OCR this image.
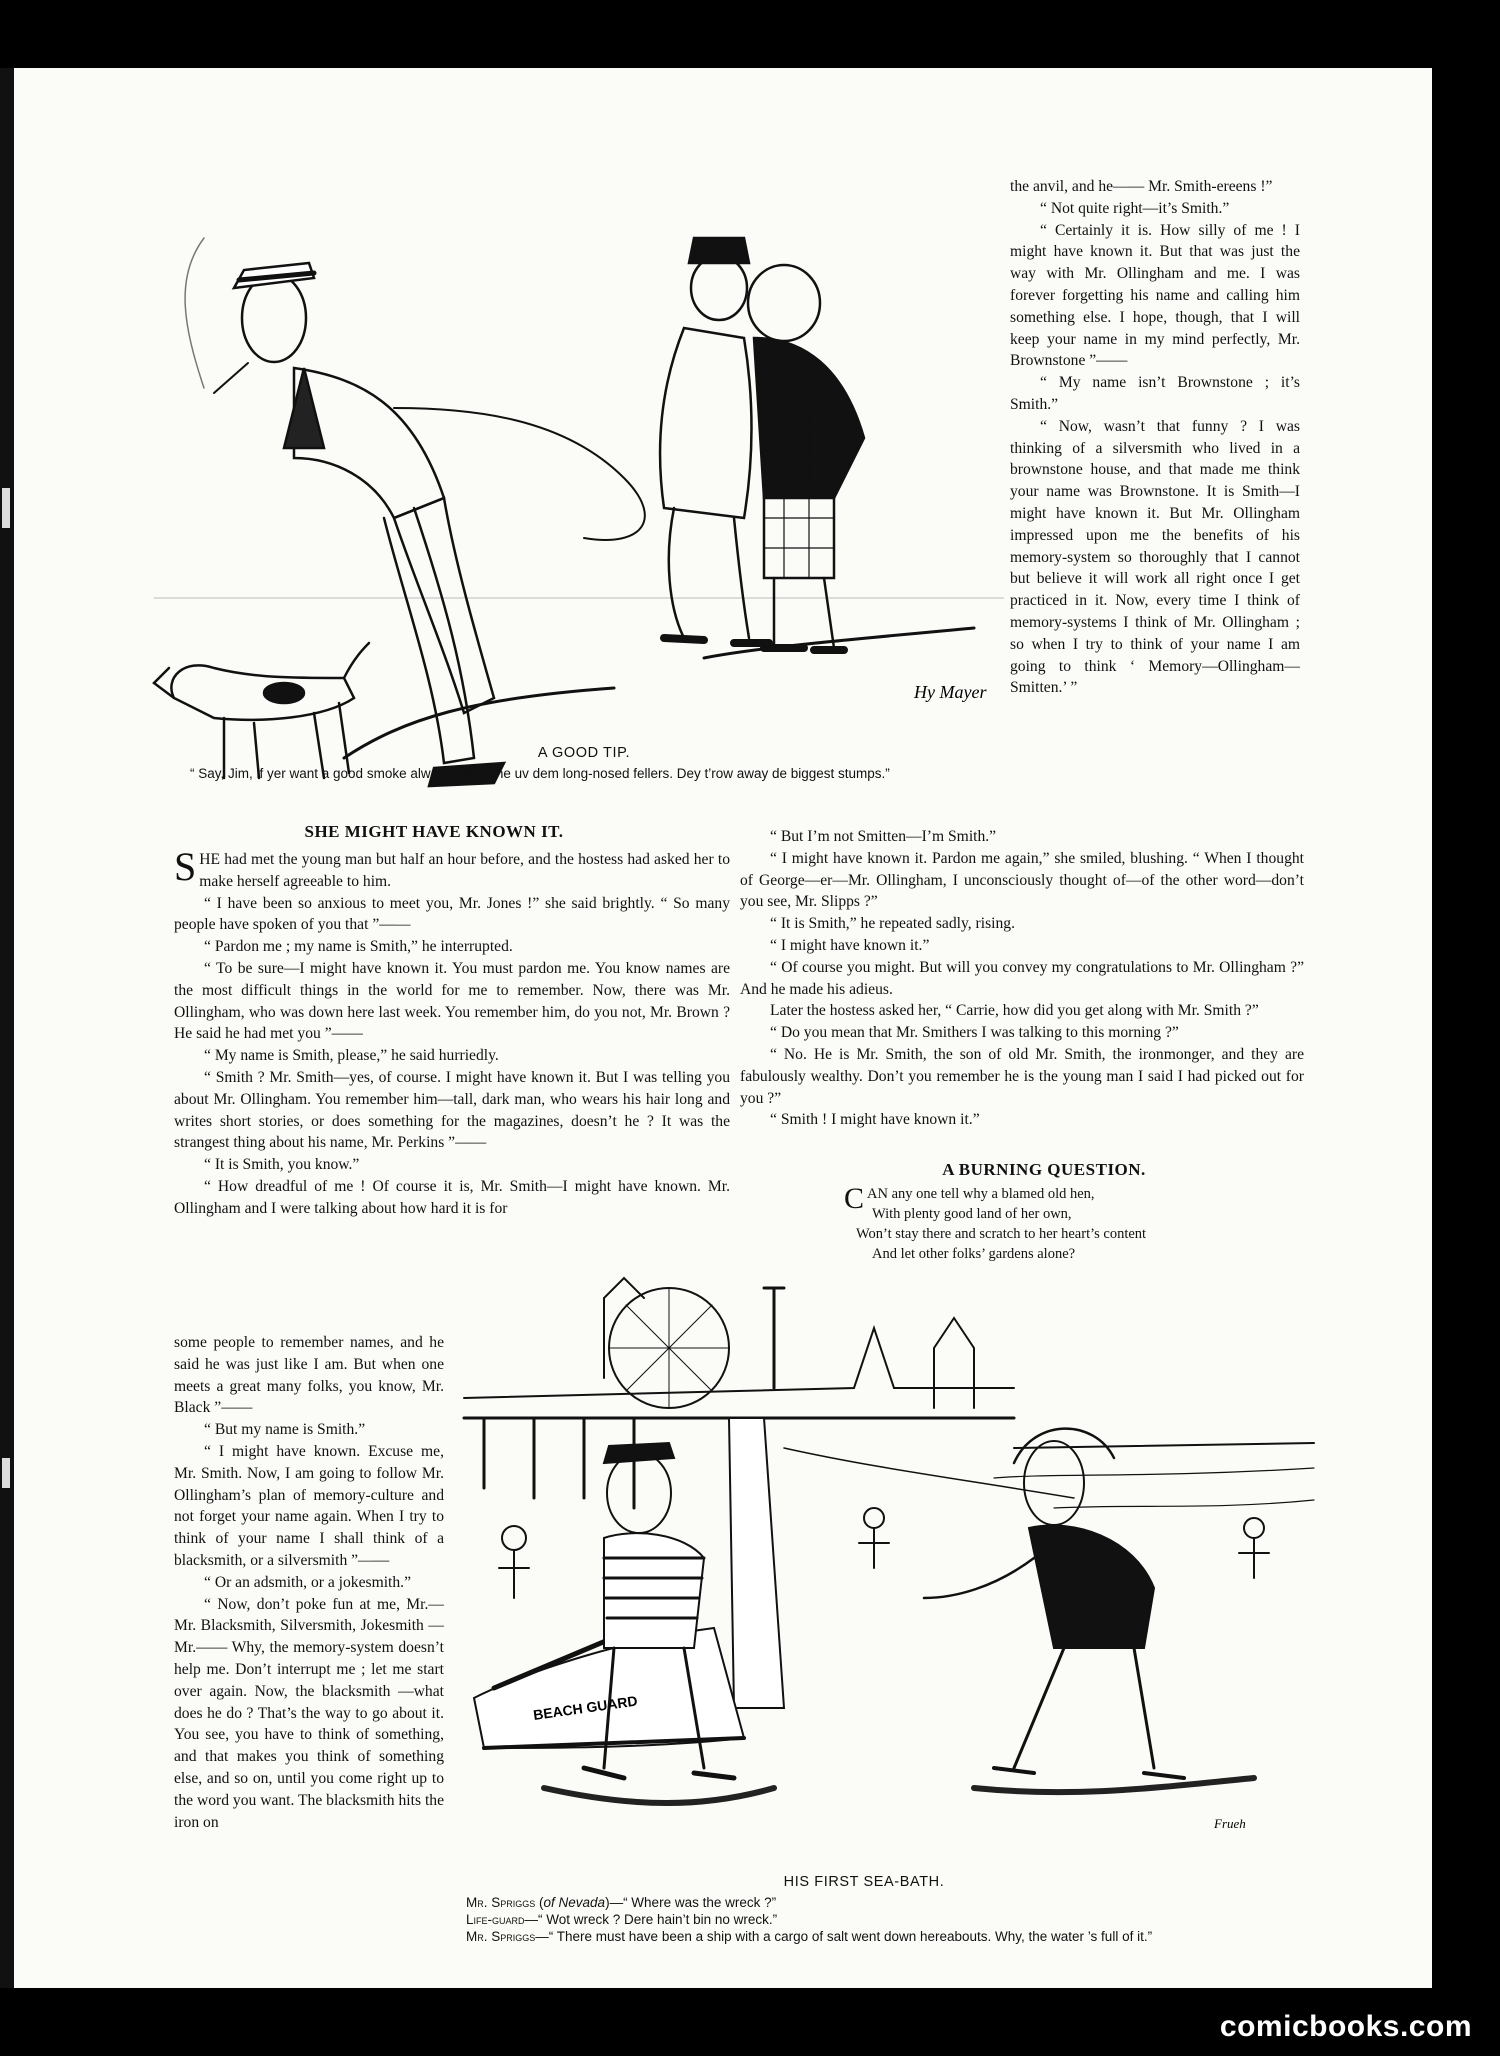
Hy Mayer

the anvil, and he—— Mr. Smith-ereens !”

“ Not quite right—it’s Smith.”

“ Certainly it is. How silly of me ! I might have known it. But that was just the way with Mr. Ollingham and me. I was forever forgetting his name and calling him something else. I hope, though, that I will keep your name in my mind perfectly, Mr. Brownstone ”——

“ My name isn’t Brownstone ; it’s Smith.”

“ Now, wasn’t that funny ? I was thinking of a silversmith who lived in a brownstone house, and that made me think your name was Brownstone. It is Smith—I might have known it. But Mr. Ollingham impressed upon me the benefits of his memory-system so thoroughly that I cannot but believe it will work all right once I get practiced in it. Now, every time I think of memory-systems I think of Mr. Ollingham ; so when I try to think of your name I am going to think ‘ Memory—Ollingham—Smitten.’ ”

A GOOD TIP.
“ Say, Jim, if yer want a good smoke always foller one uv dem long-nosed fellers. Dey t’row away de biggest stumps.”
SHE MIGHT HAVE KNOWN IT.

SHE had met the young man but half an hour before, and the hostess had asked her to make herself agreeable to him.

“ I have been so anxious to meet you, Mr. Jones !” she said brightly. “ So many people have spoken of you that ”——

“ Pardon me ; my name is Smith,” he interrupted.

“ To be sure—I might have known it. You must pardon me. You know names are the most difficult things in the world for me to remember. Now, there was Mr. Ollingham, who was down here last week. You remember him, do you not, Mr. Brown ? He said he had met you ”——

“ My name is Smith, please,” he said hurriedly.

“ Smith ? Mr. Smith—yes, of course. I might have known it. But I was telling you about Mr. Ollingham. You remember him—tall, dark man, who wears his hair long and writes short stories, or does something for the magazines, doesn’t he ? It was the strangest thing about his name, Mr. Perkins ”——

“ It is Smith, you know.”

“ How dreadful of me ! Of course it is, Mr. Smith—I might have known. Mr. Ollingham and I were talking about how hard it is for

some people to remember names, and he said he was just like I am. But when one meets a great many folks, you know, Mr. Black ”——

“ But my name is Smith.”

“ I might have known. Excuse me, Mr. Smith. Now, I am going to follow Mr. Ollingham’s plan of memory-culture and not forget your name again. When I try to think of your name I shall think of a blacksmith, or a silversmith ”——

“ Or an adsmith, or a jokesmith.”

“ Now, don’t poke fun at me, Mr.—Mr. Blacksmith, Silversmith, Jokesmith — Mr.—— Why, the memory-system doesn’t help me. Don’t interrupt me ; let me start over again. Now, the blacksmith —what does he do ? That’s the way to go about it. You see, you have to think of something, and that makes you think of something else, and so on, until you come right up to the word you want. The blacksmith hits the iron on

“ But I’m not Smitten—I’m Smith.”

“ I might have known it. Pardon me again,” she smiled, blushing. “ When I thought of George—er—Mr. Ollingham, I unconsciously thought of—of the other word—don’t you see, Mr. Slipps ?”

“ It is Smith,” he repeated sadly, rising.

“ I might have known it.”

“ Of course you might. But will you convey my congratulations to Mr. Ollingham ?” And he made his adieus.

Later the hostess asked her, “ Carrie, how did you get along with Mr. Smith ?”

“ Do you mean that Mr. Smithers I was talking to this morning ?”

“ No. He is Mr. Smith, the son of old Mr. Smith, the ironmonger, and they are fabulously wealthy. Don’t you remember he is the young man I said I had picked out for you ?”

“ Smith ! I might have known it.”

A BURNING QUESTION.
CAN any one tell why a blamed old hen,
With plenty good land of her own,
Won’t stay there and scratch to her heart’s content
And let other folks’ gardens alone?
BEACH GUARD
Frueh
HIS FIRST SEA-BATH.
Mr. Spriggs (of Nevada)—“ Where was the wreck ?”
Life-guard—“ Wot wreck ? Dere hain’t bin no wreck.”
Mr. Spriggs—“ There must have been a ship with a cargo of salt went down hereabouts. Why, the water ’s full of it.”
comicbooks.com
